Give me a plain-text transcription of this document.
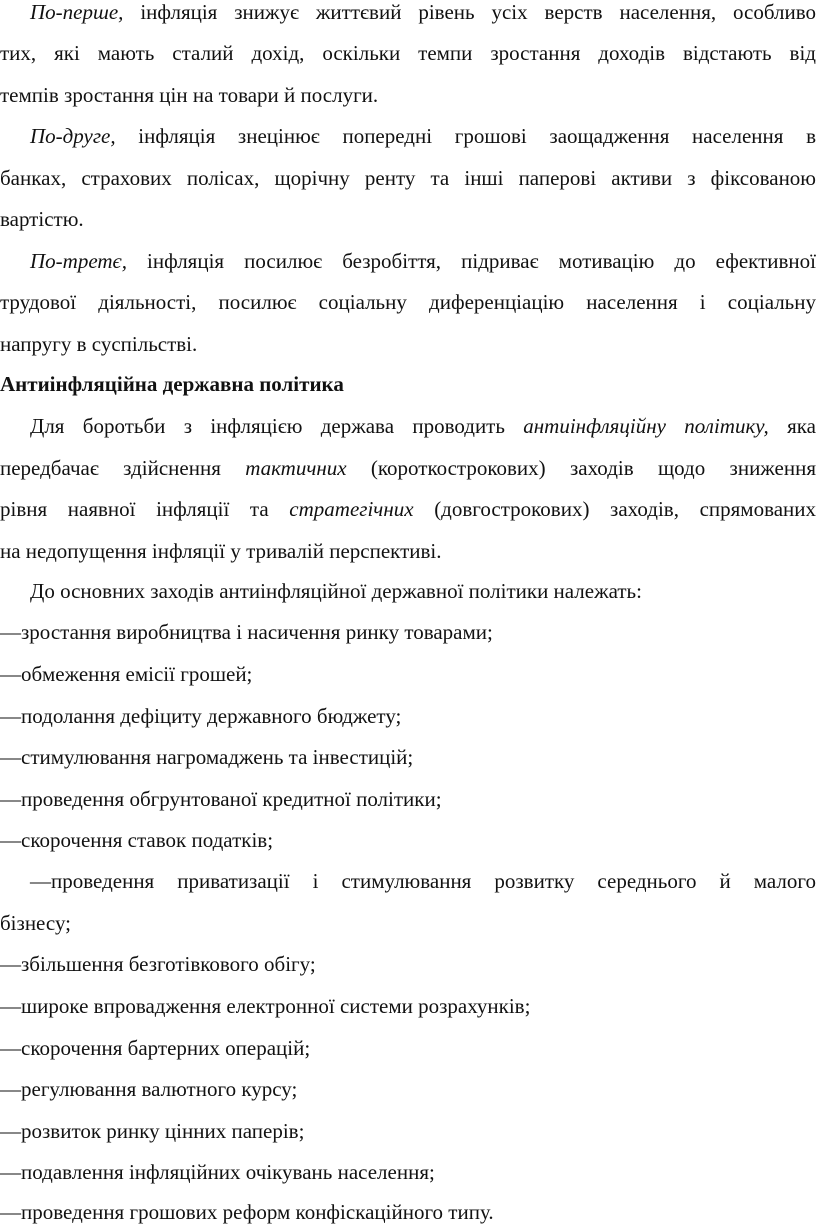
По-перше, інфляція знижує життєвий рівень усіх верств населення, особливо
тих, які мають сталий дохід, оскільки темпи зростання доходів відстають від
темпів зростання цін на товари й послуги.
По-друге, інфляція знецінює попередні грошові заощадження населення в
банках, страхових полісах, щорічну ренту та інші паперові активи з фіксованою
вартістю.
По-третє, інфляція посилює безробіття, підриває мотивацію до ефективної
трудової діяльності, посилює соціальну диференціацію населення і соціальну
напругу в суспільстві.
Антиінфляційна державна політика
Для боротьби з інфляцією держава проводить антиінфляційну політику, яка
передбачає здійснення тактичних (короткострокових) заходів щодо зниження
рівня наявної інфляції та стратегічних (довгострокових) заходів, спрямованих
на недопущення інфляції у тривалій перспективі.
До основних заходів антиінфляційної державної політики належать:
—зростання виробництва і насичення ринку товарами;
—обмеження емісії грошей;
—подолання дефіциту державного бюджету;
—стимулювання нагромаджень та інвестицій;
—проведення обгрунтованої кредитної політики;
—скорочення ставок податків;
—проведення приватизації і стимулювання розвитку середнього й малого
бізнесу;
—збільшення безготівкового обігу;
—широке впровадження електронної системи розрахунків;
—скорочення бартерних операцій;
—регулювання валютного курсу;
—розвиток ринку цінних паперів;
—подавлення інфляційних очікувань населення;
—проведення грошових реформ конфіскаційного типу.
